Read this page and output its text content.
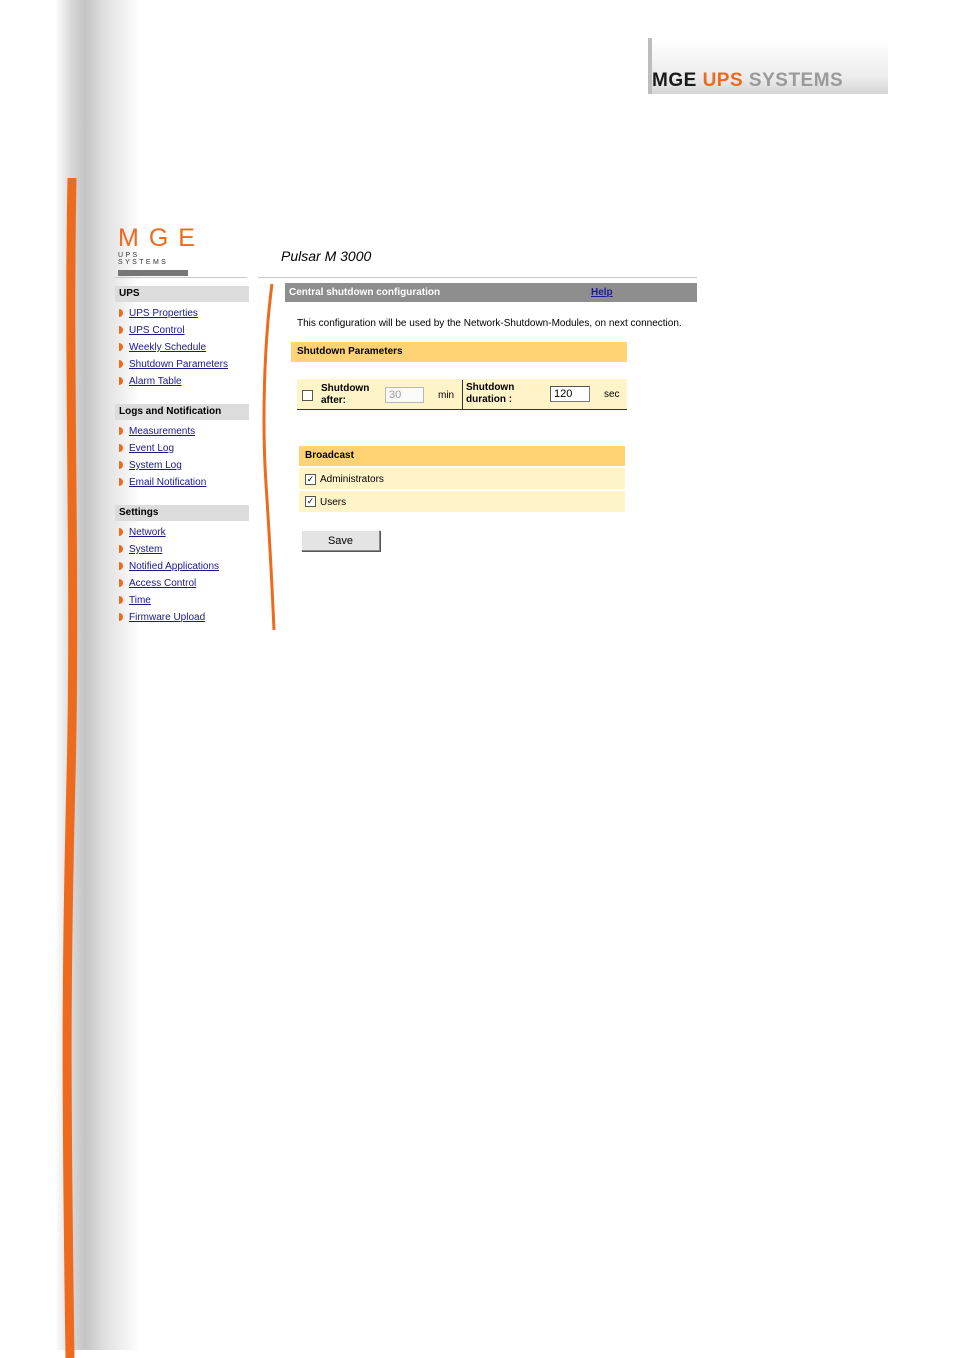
MGE UPS SYSTEMS
MGE
UPS SYSTEMS	Pulsar M 3000
UPS
UPS Properties
UPS Control
Weekly Schedule
Shutdown Parameters
Alarm Table
Logs and Notification
Measurements
Event Log
System Log
Email Notification
Settings
Network
System
Notified Applications
Access Control
Time
Firmware Upload
Central shutdown configuration	Help
This configuration will be used by the Network-Shutdown-Modules, on next connection.
Shutdown Parameters
Shutdown
after:
30	min
Shutdown
duration :
120	sec
Broadcast
✓ Administrators
✓ Users
Save
